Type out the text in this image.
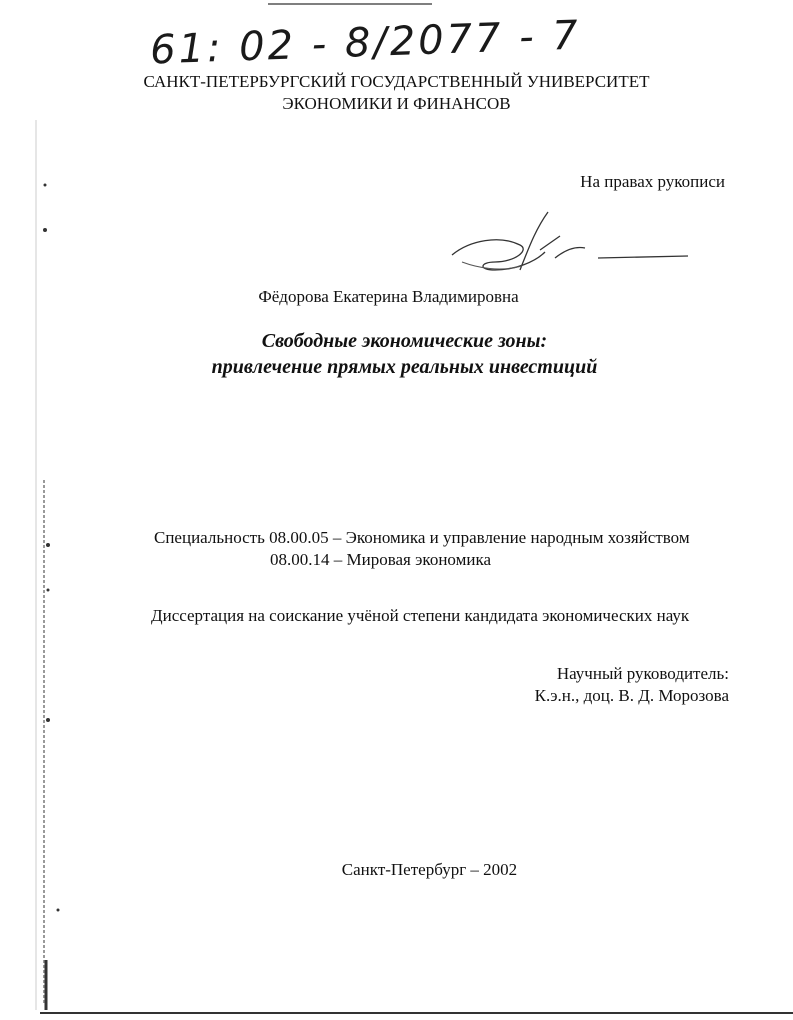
61: 02 - 8/2077 - 7
САНКТ-ПЕТЕРБУРГСКИЙ ГОСУДАРСТВЕННЫЙ УНИВЕРСИТЕТ
ЭКОНОМИКИ И ФИНАНСОВ
На правах рукописи
Фёдорова Екатерина Владимировна
Свободные экономические зоны:
привлечение прямых реальных инвестиций
Специальность 08.00.05 – Экономика и управление народным хозяйством
08.00.14 – Мировая экономика
Диссертация на соискание учёной степени кандидата экономических наук
Научный руководитель:
К.э.н., доц. В. Д. Морозова
Санкт-Петербург – 2002
